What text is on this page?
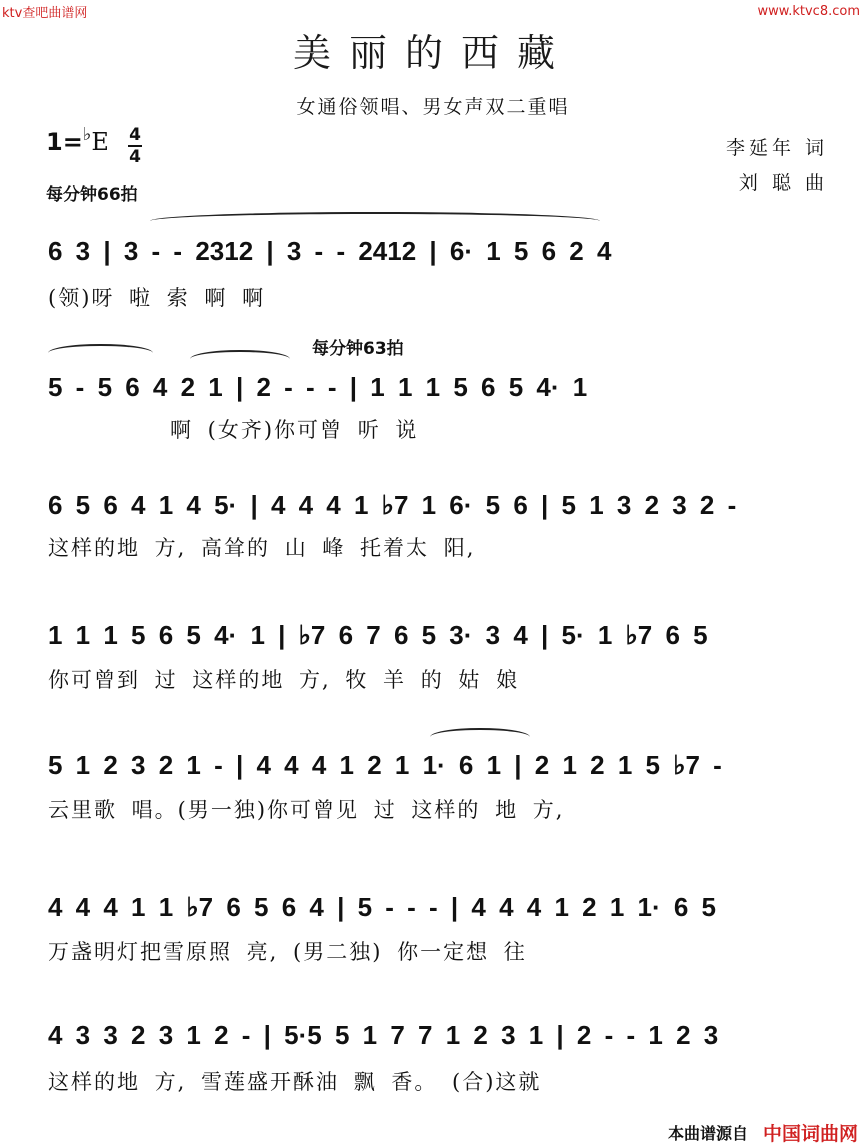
ktv查吧曲谱网	www.ktvc8.com
美丽的西藏
女通俗领唱、男女声双二重唱
1=♭E 4
4	李延年 词
刘 聪 曲
每分钟66拍
每分钟63拍
6 3 | 3 - - 2312 | 3 - - 2412 | 6· 1 5 6 2 4
(领)呀 啦 索 啊 啊
5 - 5 6 4 2 1 | 2 - - - | 1 1 1 5 6 5 4· 1
啊 (女齐)你可曾 听 说
6 5 6 4 1 4 5· | 4 4 4 1 ♭7 1 6· 5 6 | 5 1 3 2 3 2 -
这样的地 方, 高耸的 山 峰 托着太 阳,
1 1 1 5 6 5 4· 1 | ♭7 6 7 6 5 3· 3 4 | 5· 1 ♭7 6 5
你可曾到 过 这样的地 方, 牧 羊 的 姑 娘
5 1 2 3 2 1 - | 4 4 4 1 2 1 1· 6 1 | 2 1 2 1 5 ♭7 -
云里歌 唱。(男一独)你可曾见 过 这样的 地 方,
4 4 4 1 1 ♭7 6 5 6 4 | 5 - - - | 4 4 4 1 2 1 1· 6 5
万盏明灯把雪原照 亮, (男二独) 你一定想 往
4 3 3 2 3 1 2 - | 5·5 5 1 7 7 1 2 3 1 | 2 - - 1 2 3
这样的地 方, 雪莲盛开酥油 飘 香。 (合)这就
本曲谱源自 中国词曲网
